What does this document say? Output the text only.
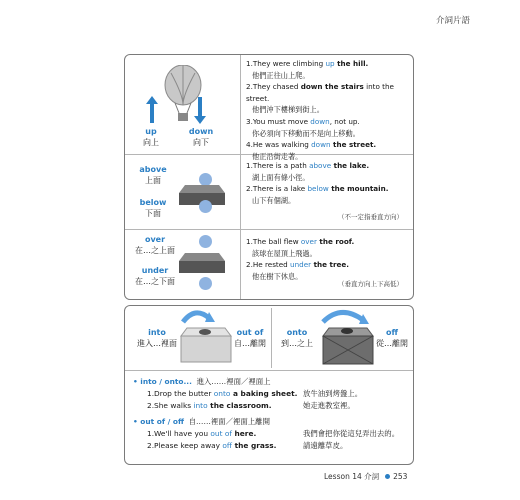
介詞片語
up
向上
down
向下
1.They were climbing up the hill.
他們正往山上爬。
2.They chased down the stairs into the street.
他們沖下樓梯到街上。
3.You must move down, not up.
你必須向下移動而不是向上移動。
4.He was walking down the street.
他正沿街走著。
above
上面
below
下面
1.There is a path above the lake.
湖上面有條小徑。
2.There is a lake below the mountain.
山下有個湖。
（不一定指垂直方向）
over
在…之上面
under
在…之下面
1.The ball flew over the roof.
該球在屋頂上飛過。
2.He rested under the tree.
他在樹下休息。
（垂直方向上下高低）
into
進入…裡面
out of
自…離開
onto
到…之上
off
從…離開
• into / onto... 進入……裡面／裡面上
1.Drop the butter onto a baking sheet. 放牛油到烤盤上。
2.She walks into the classroom.	她走進教室裡。
• out of / off 自……裡面／裡面上離開
1.We'll have you out of here.	我們會把你從這兒弄出去的。
2.Please keep away off the grass.	請遠離草皮。
Lesson 14 介詞 253
